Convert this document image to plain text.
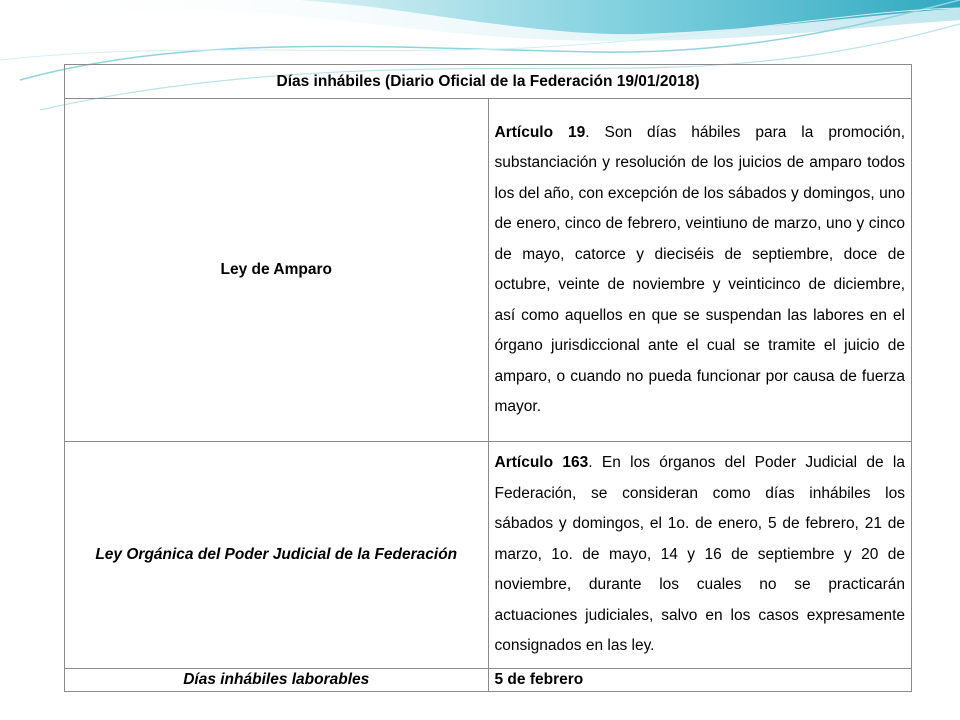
Días inhábiles (Diario Oficial de la Federación 19/01/2018)	
Ley de Amparo	Artículo 19. Son días hábiles para la promoción, substanciación y resolución de los juicios de amparo todos los del año, con excepción de los sábados y domingos, uno de enero, cinco de febrero, veintiuno de marzo, uno y cinco de mayo, catorce y dieciséis de septiembre, doce de octubre, veinte de noviembre y veinticinco de diciembre, así como aquellos en que se suspendan las labores en el órgano jurisdiccional ante el cual se tramite el juicio de amparo, o cuando no pueda funcionar por causa de fuerza mayor.

Ley Orgánica del Poder Judicial de la Federación	Artículo 163. En los órganos del Poder Judicial de la Federación, se consideran como días inhábiles los sábados y domingos, el 1o. de enero, 5 de febrero, 21 de marzo, 1o. de mayo, 14 y 16 de septiembre y 20 de noviembre, durante los cuales no se practicarán actuaciones judiciales, salvo en los casos expresamente consignados en las ley.

Días inhábiles laborables	5 de febrero
